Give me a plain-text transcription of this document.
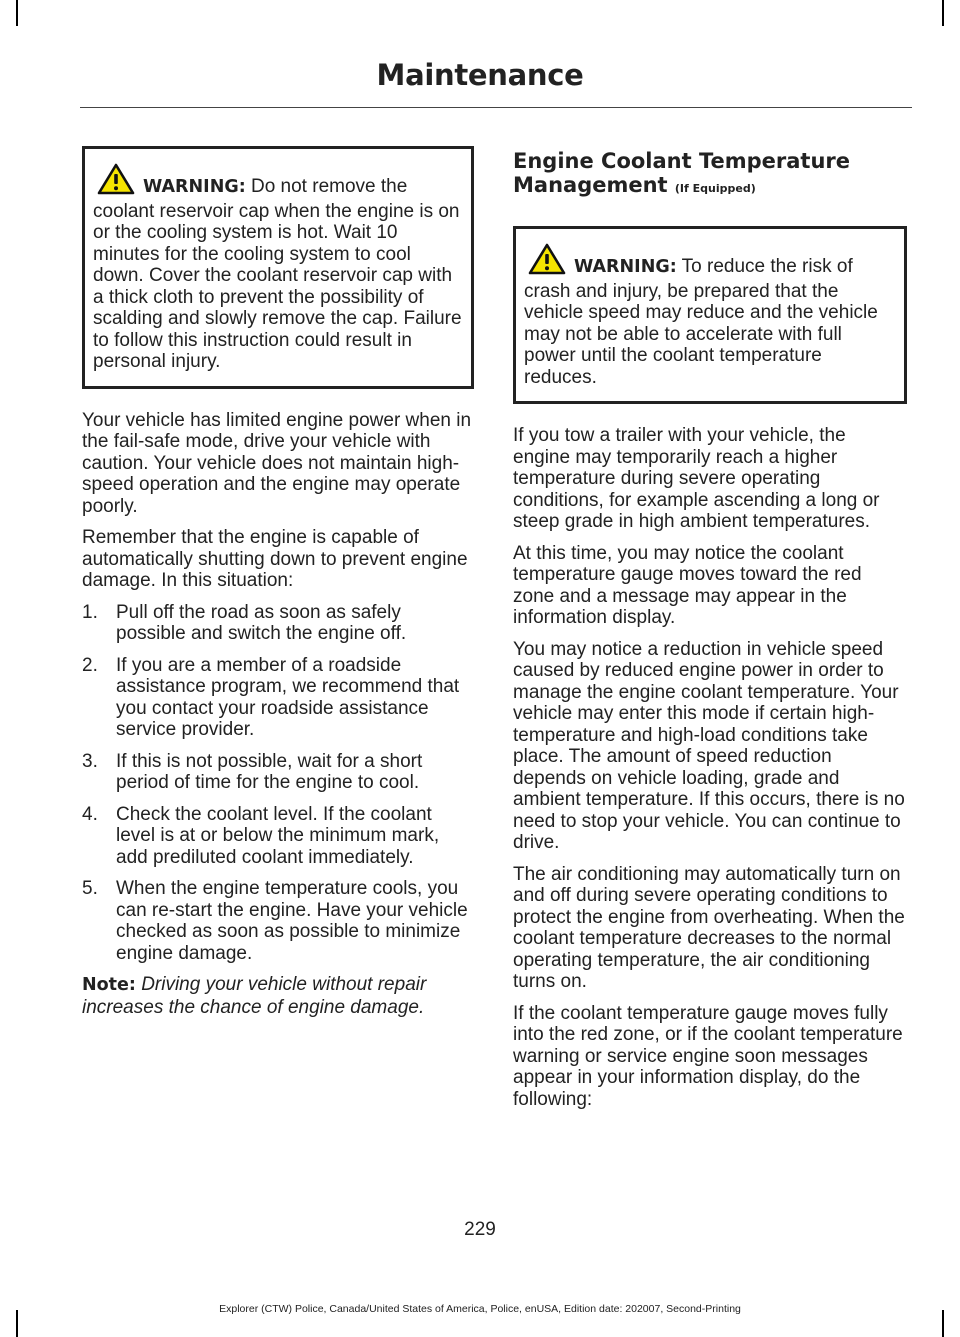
Maintenance

WARNING: Do not remove the coolant reservoir cap when the engine is on or the cooling system is hot. Wait 10 minutes for the cooling system to cool down. Cover the coolant reservoir cap with a thick cloth to prevent the possibility of scalding and slowly remove the cap. Failure to follow this instruction could result in personal injury.

Your vehicle has limited engine power when in the fail-safe mode, drive your vehicle with caution. Your vehicle does not maintain high-speed operation and the engine may operate poorly.

Remember that the engine is capable of automatically shutting down to prevent engine damage. In this situation:

1. Pull off the road as soon as safely possible and switch the engine off.
2. If you are a member of a roadside assistance program, we recommend that you contact your roadside assistance service provider.
3. If this is not possible, wait for a short period of time for the engine to cool.
4. Check the coolant level. If the coolant level is at or below the minimum mark, add prediluted coolant immediately.
5. When the engine temperature cools, you can re-start the engine. Have your vehicle checked as soon as possible to minimize engine damage.

Note: Driving your vehicle without repair increases the chance of engine damage.

Engine Coolant Temperature
Management (If Equipped)

WARNING: To reduce the risk of crash and injury, be prepared that the vehicle speed may reduce and the vehicle may not be able to accelerate with full power until the coolant temperature reduces.

If you tow a trailer with your vehicle, the engine may temporarily reach a higher temperature during severe operating conditions, for example ascending a long or steep grade in high ambient temperatures.

At this time, you may notice the coolant temperature gauge moves toward the red zone and a message may appear in the information display.

You may notice a reduction in vehicle speed caused by reduced engine power in order to manage the engine coolant temperature. Your vehicle may enter this mode if certain high-temperature and high-load conditions take place. The amount of speed reduction depends on vehicle loading, grade and ambient temperature. If this occurs, there is no need to stop your vehicle. You can continue to drive.

The air conditioning may automatically turn on and off during severe operating conditions to protect the engine from overheating. When the coolant temperature decreases to the normal operating temperature, the air conditioning turns on.

If the coolant temperature gauge moves fully into the red zone, or if the coolant temperature warning or service engine soon messages appear in your information display, do the following:

229
Explorer (CTW) Police, Canada/United States of America, Police, enUSA, Edition date: 202007, Second-Printing
